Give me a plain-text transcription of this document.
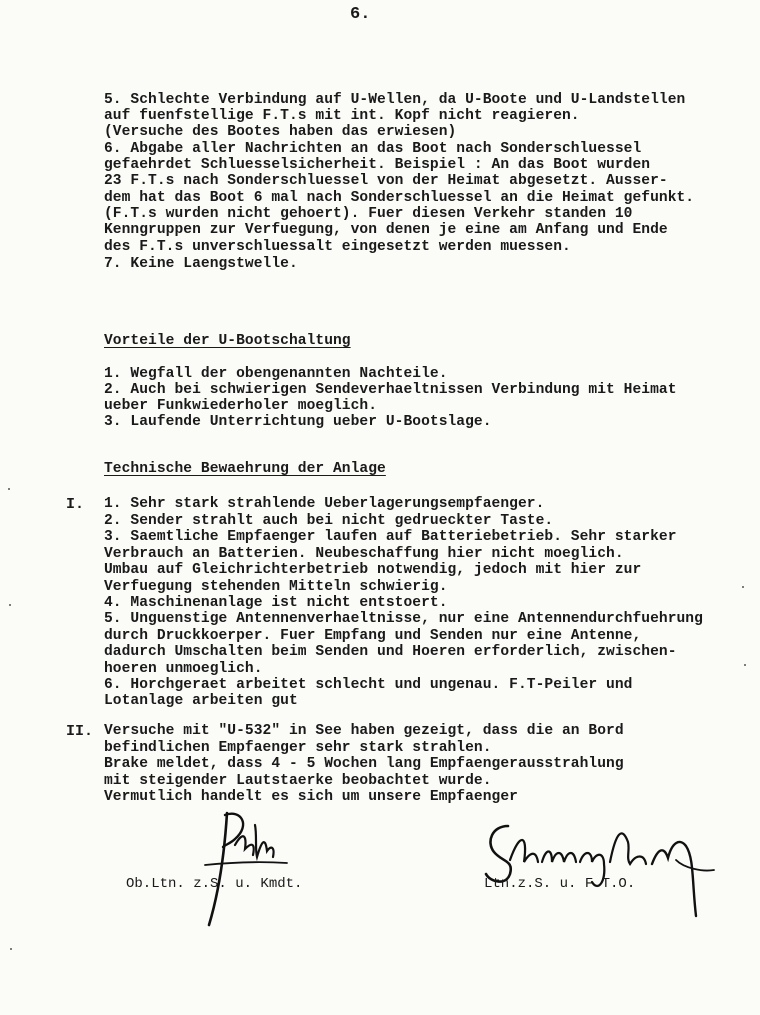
6.
5. Schlechte Verbindung auf U-Wellen, da U-Boote und U-Landstellen
auf fuenfstellige F.T.s mit int. Kopf nicht reagieren.
(Versuche des Bootes haben das erwiesen)
6. Abgabe aller Nachrichten an das Boot nach Sonderschluessel
gefaehrdet Schluesselsicherheit. Beispiel : An das Boot wurden
23 F.T.s nach Sonderschluessel von der Heimat abgesetzt. Ausser-
dem hat das Boot 6 mal nach Sonderschluessel an die Heimat gefunkt.
(F.T.s wurden nicht gehoert). Fuer diesen Verkehr standen 10
Kenngruppen zur Verfuegung, von denen je eine am Anfang und Ende
des F.T.s unverschluessalt eingesetzt werden muessen.
7. Keine Laengstwelle.
Vorteile der U-Bootschaltung
1. Wegfall der obengenannten Nachteile.
2. Auch bei schwierigen Sendeverhaeltnissen Verbindung mit Heimat
ueber Funkwiederholer moeglich.
3. Laufende Unterrichtung ueber U-Bootslage.
Technische Bewaehrung der Anlage
I. 1. Sehr stark strahlende Ueberlagerungsempfaenger.
2. Sender strahlt auch bei nicht gedrueckter Taste.
3. Saemtliche Empfaenger laufen auf Batteriebetrieb. Sehr starker
Verbrauch an Batterien. Neubeschaffung hier nicht moeglich.
Umbau auf Gleichrichterbetrieb notwendig, jedoch mit hier zur
Verfuegung stehenden Mitteln schwierig.
4. Maschinenanlage ist nicht entstoert.
5. Unguenstige Antennenverhaeltnisse, nur eine Antennendurchfuehrung
durch Druckkoerper. Fuer Empfang und Senden nur eine Antenne,
dadurch Umschalten beim Senden und Hoeren erforderlich, zwischen-
hoeren unmoeglich.
6. Horchgeraet arbeitet schlecht und ungenau. F.T-Peiler und
Lotanlage arbeiten gut
II. Versuche mit "U-532" in See haben gezeigt, dass die an Bord
befindlichen Empfaenger sehr stark strahlen.
Brake meldet, dass 4 - 5 Wochen lang Empfaengerausstrahlung
mit steigender Lautstaerke beobachtet wurde.
Vermutlich handelt es sich um unsere Empfaenger
Ob.Ltn. z.S. u. Kmdt.	Ltn.z.S. u. F.T.O.
